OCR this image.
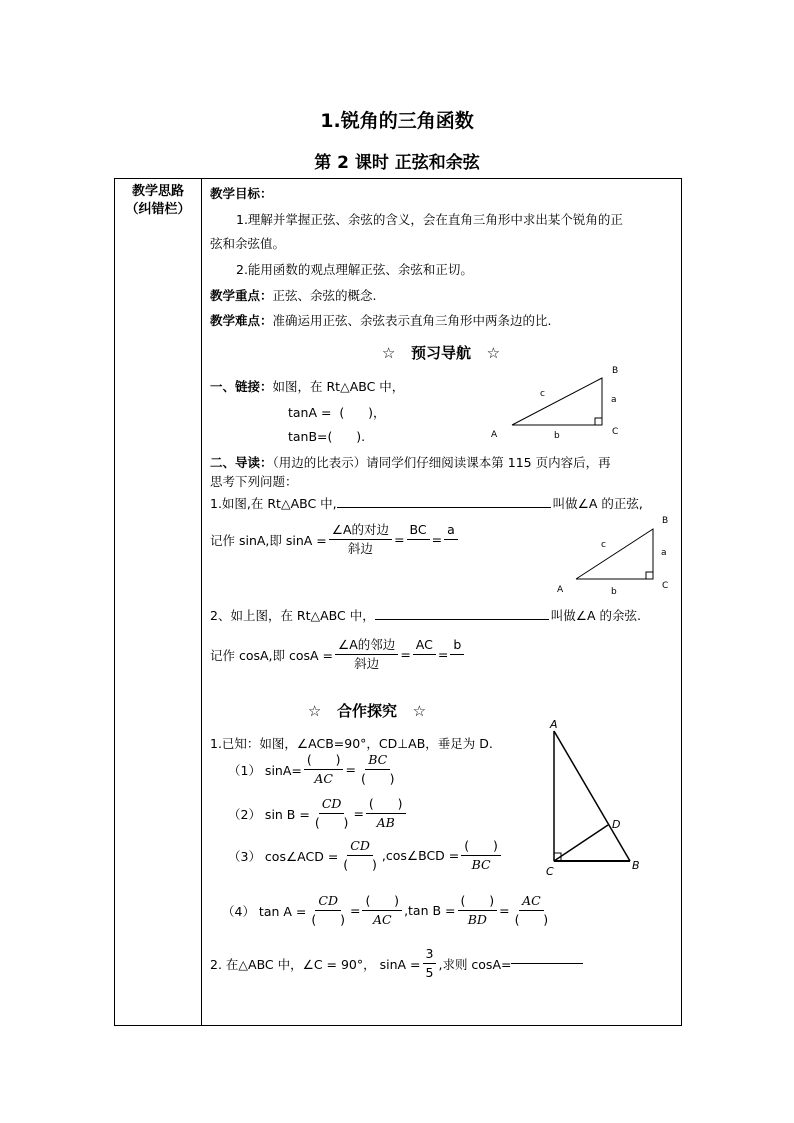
1.锐角的三角函数
第 2 课时 正弦和余弦
教学思路
（纠错栏）
教学目标：
1.理解并掌握正弦、余弦的含义，会在直角三角形中求出某个锐角的正
弦和余弦值。
2.能用函数的观点理解正弦、余弦和正切。
教学重点：正弦、余弦的概念.
教学难点：准确运用正弦、余弦表示直角三角形中两条边的比.
☆   预习导航   ☆
一、链接：如图，在 Rt△ABC 中，
tanA =  (      )，
tanB=(      ).	A
B
C
a
b
c
二、导读：（用边的比表示）请同学们仔细阅读课本第 115 页内容后，再
思考下列问题：
1.如图,在 Rt△ABC 中,	叫做∠A 的正弦,
记作 sinA,即 $\sin A = \frac{\text{∠A的对边}}{\text{斜边}}$ =
BC
=
a
A
B
C
a
b
c
2、如上图，在 Rt△ABC 中，	叫做∠A 的余弦.
记作 cosA,即 $\cos A = \frac{\text{∠A的邻边}}{\text{斜边}}$ =
AC
=
b
☆   合作探究   ☆
1.已知：如图，∠ACB=90°，CD⊥AB，垂足为 D.
（1） $\sin A= \frac{( )}{AC} = \frac{BC}{( )}$
（2） $\sin B = \frac{CD}{( )} = \frac{( )}{AB}$
（3） cos∠ACD = $\frac{CD}{( )}$ ,cos∠BCD = $\frac{( )}{BC}$
A
B
C
D
（4） $\tan A = \frac{CD}{( )} = \frac{( )}{AC} ,\tan$ $B = \frac{( )}{BD} = \frac{AC}{( )}$
2. 在△ABC 中，∠C = 90°， $\sin A = \frac{3}{5}$ ,求则 cosA=
